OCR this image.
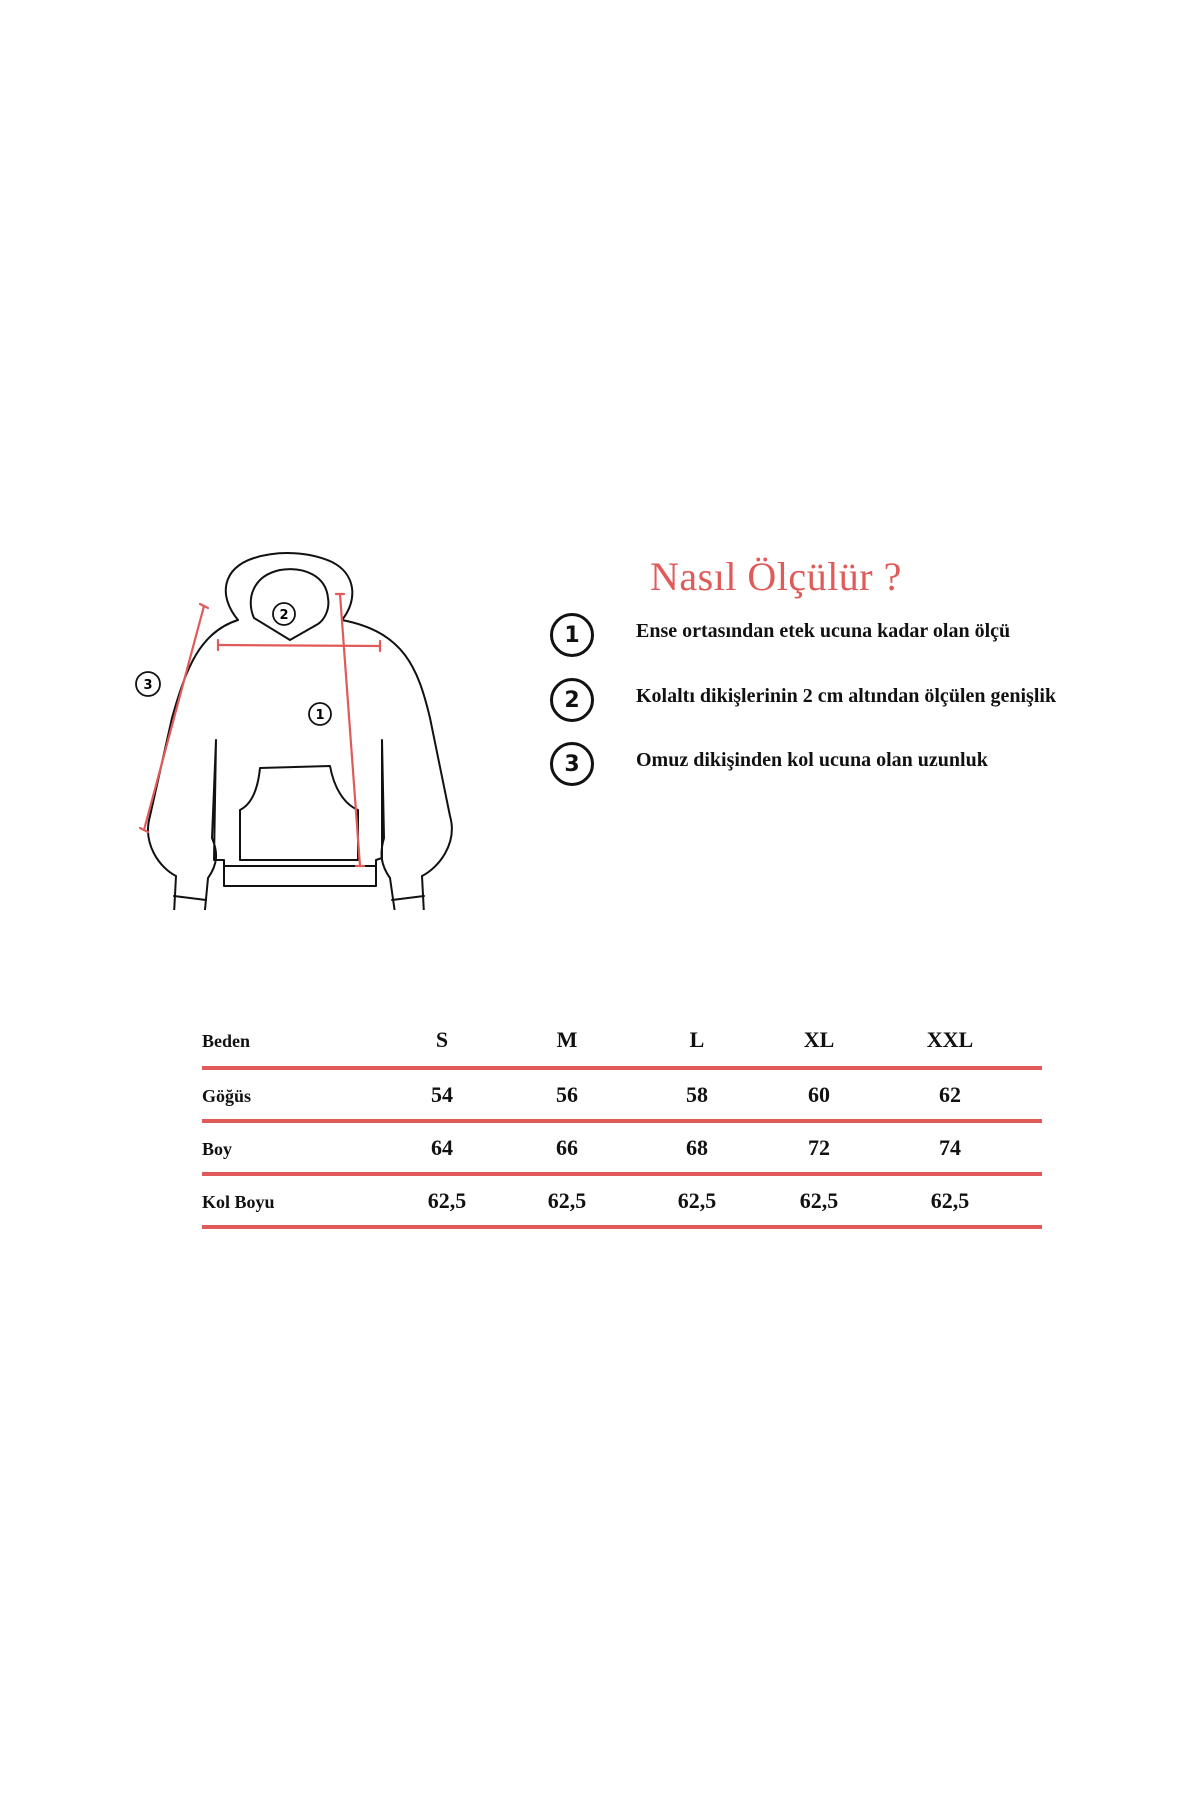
2
1
3
Nasıl Ölçülür ?
1	Ense ortasından etek ucuna kadar olan ölçü
2	Kolaltı dikişlerinin 2 cm altından ölçülen genişlik
3	Omuz dikişinden kol ucuna olan uzunluk
Beden	S	M	L	XL	XXL
Göğüs	54	56	58	60	62
Boy	64	66	68	72	74
Kol Boyu	62,5	62,5	62,5	62,5	62,5
